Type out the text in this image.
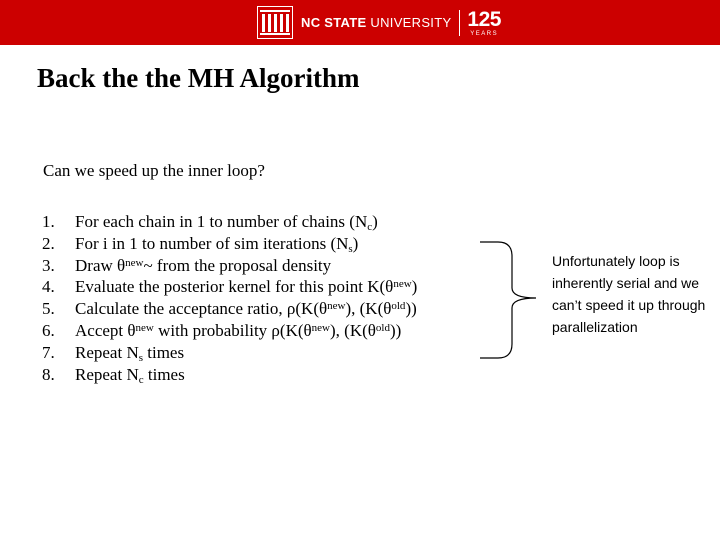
NC STATE UNIVERSITY 125
YEARS
Back the the MH Algorithm
Can we speed up the inner loop?
1.	For each chain in 1 to number of chains $(N_c)$
2.	For i in 1 to number of sim iterations $(N_s)$
3.	Draw $\theta^{new}\sim$ from the proposal density
4.	Evaluate the posterior kernel for this point $K(\theta^{new})$
5.	Calculate the acceptance ratio, $\rho(K(\theta^{new})$, $(K(\theta^{old}))$
6.	Accept $\theta^{new}$ with probability $\rho(K(\theta^{new})$, $(K(\theta^{old}))$
7.	Repeat $N_s$ times
8.	Repeat $N_c$ times
Unfortunately loop is inherently serial and we can’t speed it up through parallelization
